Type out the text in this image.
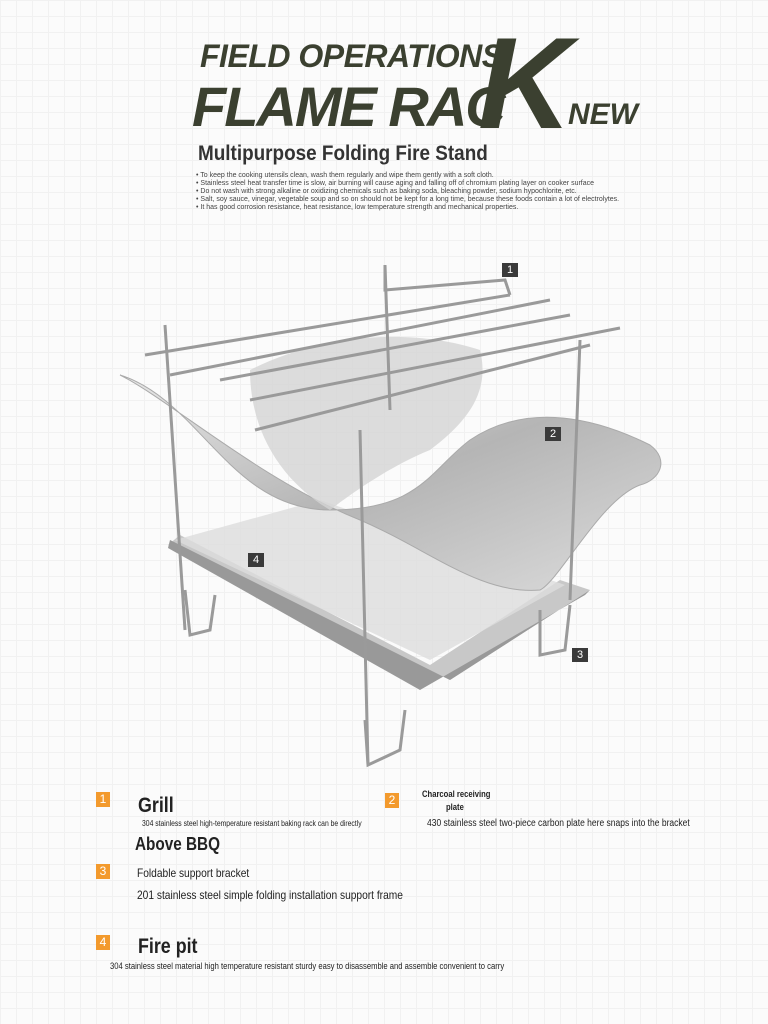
FIELD OPERATIONS
FLAME RAC
K
NEW
Multipurpose Folding Fire Stand
• To keep the cooking utensils clean, wash them regularly and wipe them gently with a soft cloth.
• Stainless steel heat transfer time is slow, air burning will cause aging and falling off of chromium plating layer on cooker surface
• Do not wash with strong alkaline or oxidizing chemicals such as baking soda, bleaching powder, sodium hypochlorite, etc.
• Salt, soy sauce, vinegar, vegetable soup and so on should not be kept for a long time, because these foods contain a lot of electrolytes.
• It has good corrosion resistance, heat resistance, low temperature strength and mechanical properties.
1
2
3
4
1 Grill
304 stainless steel high-temperature resistant baking rack can be directly
Above BBQ
2	Charcoal receiving
plate
430 stainless steel two-piece carbon plate here snaps into the bracket
3	Foldable support bracket
201 stainless steel simple folding installation support frame
4 Fire pit
304 stainless steel material high temperature resistant sturdy easy to disassemble and assemble convenient to carry
